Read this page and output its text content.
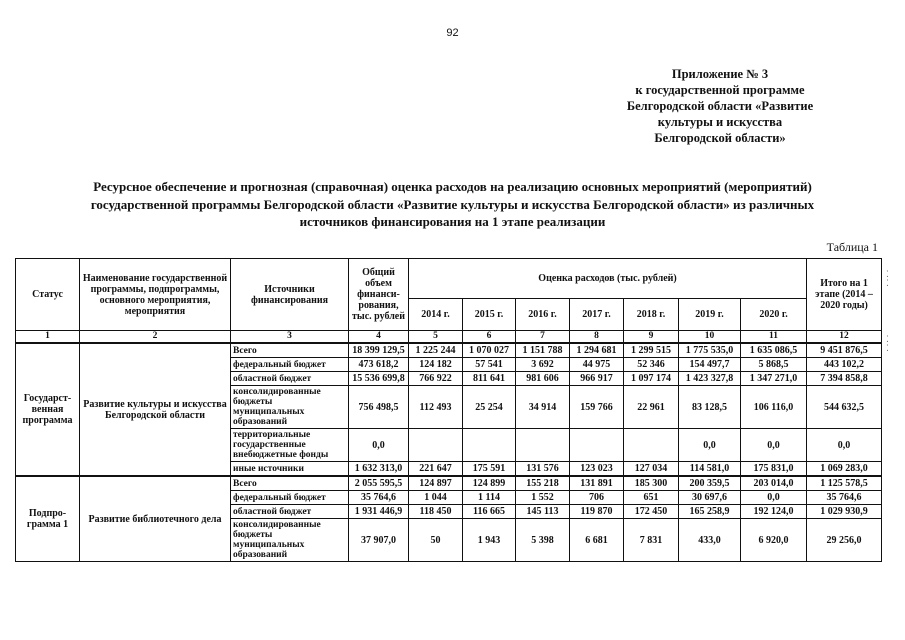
92
Приложение № 3
к государственной программе
Белгородской области «Развитие
культуры и искусства
Белгородской области»
Ресурсное обеспечение и прогнозная (справочная) оценка расходов на реализацию основных мероприятий (мероприятий)
государственной программы Белгородской области «Развитие культуры и искусства Белгородской области» из различных
источников финансирования на 1 этапе реализации
Таблица 1
Статус	Наименование государственной программы, подпрограммы, основного мероприятия, мероприятия	Источники финансирования	Общий объем финанси-рования, тыс. рублей	Оценка расходов (тыс. рублей)							Итого на 1 этапе (2014 – 2020 годы)
				2014 г.	2015 г.	2016 г.	2017 г.	2018 г.	2019 г.	2020 г.	
1	2	3	4	5	6	7	8	9	10	11	12
Государст-венная программа	Развитие культуры и искусства Белгородской области	Всего	18 399 129,5	1 225 244	1 070 027	1 151 788	1 294 681	1 299 515	1 775 535,0	1 635 086,5	9 451 876,5
		федеральный бюджет	473 618,2	124 182	57 541	3 692	44 975	52 346	154 497,7	5 868,5	443 102,2
		областной бюджет	15 536 699,8	766 922	811 641	981 606	966 917	1 097 174	1 423 327,8	1 347 271,0	7 394 858,8
		консолидированные бюджеты муниципальных образований	756 498,5	112 493	25 254	34 914	159 766	22 961	83 128,5	106 116,0	544 632,5
		территориальные государственные внебюджетные фонды	0,0						0,0	0,0	0,0
		иные источники	1 632 313,0	221 647	175 591	131 576	123 023	127 034	114 581,0	175 831,0	1 069 283,0
Подпро-грамма 1	Развитие библиотечного дела	Всего	2 055 595,5	124 897	124 899	155 218	131 891	185 300	200 359,5	203 014,0	1 125 578,5
		федеральный бюджет	35 764,6	1 044	1 114	1 552	706	651	30 697,6	0,0	35 764,6
		областной бюджет	1 931 446,9	118 450	116 665	145 113	119 870	172 450	165 258,9	192 124,0	1 029 930,9
		консолидированные бюджеты муниципальных образований	37 907,0	50	1 943	5 398	6 681	7 831	433,0	6 920,0	29 256,0
⁚
⁚
⁚
⁚
